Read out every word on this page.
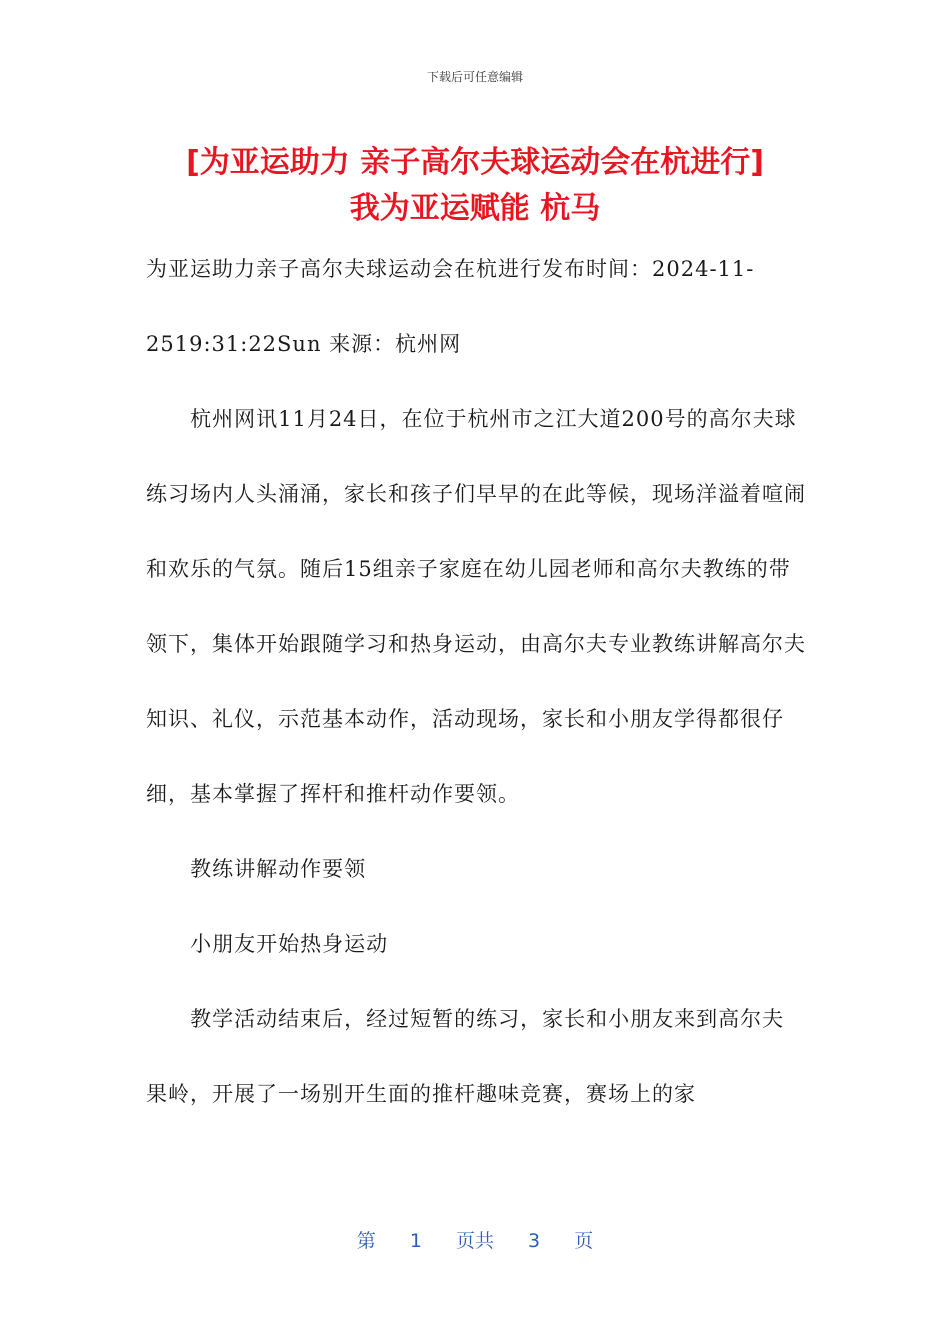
下载后可任意编辑
[为亚运助力 亲子高尔夫球运动会在杭进行]
我为亚运赋能 杭马

为亚运助力亲子高尔夫球运动会在杭进行发布时间：2024-11-2519:31:22Sun 来源：杭州网

杭州网讯11月24日，在位于杭州市之江大道200号的高尔夫球练习场内人头涌涌，家长和孩子们早早的在此等候，现场洋溢着喧闹和欢乐的气氛。随后15组亲子家庭在幼儿园老师和高尔夫教练的带领下，集体开始跟随学习和热身运动，由高尔夫专业教练讲解高尔夫知识、礼仪，示范基本动作，活动现场，家长和小朋友学得都很仔细，基本掌握了挥杆和推杆动作要领。

教练讲解动作要领

小朋友开始热身运动

教学活动结束后，经过短暂的练习，家长和小朋友来到高尔夫果岭，开展了一场别开生面的推杆趣味竞赛，赛场上的家

第 1 页共 3 页
